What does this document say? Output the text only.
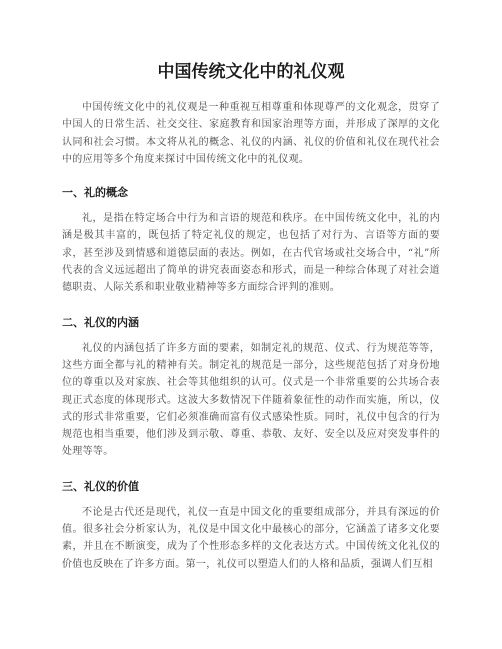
中国传统文化中的礼仪观

中国传统文化中的礼仪观是一种重视互相尊重和体现尊严的文化观念，贯穿了中国人的日常生活、社交交往、家庭教育和国家治理等方面，并形成了深厚的文化认同和社会习惯。本文将从礼的概念、礼仪的内涵、礼仪的价值和礼仪在现代社会中的应用等多个角度来探讨中国传统文化中的礼仪观。

一、礼的概念

礼，是指在特定场合中行为和言语的规范和秩序。在中国传统文化中，礼的内涵是极其丰富的，既包括了特定礼仪的规定，也包括了对行为、言语等方面的要求，甚至涉及到情感和道德层面的表达。例如，在古代官场或社交场合中，“礼”所代表的含义远远超出了简单的讲究表面姿态和形式，而是一种综合体现了对社会道德职责、人际关系和职业敬业精神等多方面综合评判的准则。

二、礼仪的内涵

礼仪的内涵包括了许多方面的要素，如制定礼的规范、仪式、行为规范等等，这些方面全都与礼的精神有关。制定礼的规范是一部分，这些规范包括了对身份地位的尊重以及对家族、社会等其他组织的认可。仪式是一个非常重要的公共场合表现正式态度的体现形式。这波大多数情况下伴随着象征性的动作而实施，所以，仪式的形式非常重要，它们必须准确而富有仪式感染性质。同时，礼仪中包含的行为规范也相当重要，他们涉及到示敬、尊重、恭敬、友好、安全以及应对突发事件的处理等等。

三、礼仪的价值

不论是古代还是现代，礼仪一直是中国文化的重要组成部分，并具有深远的价值。很多社会分析家认为，礼仪是中国文化中最核心的部分，它涵盖了诸多文化要素，并且在不断演变，成为了个性形态多样的文化表达方式。中国传统文化礼仪的价值也反映在了许多方面。第一，礼仪可以塑造人们的人格和品质，强调人们互相
